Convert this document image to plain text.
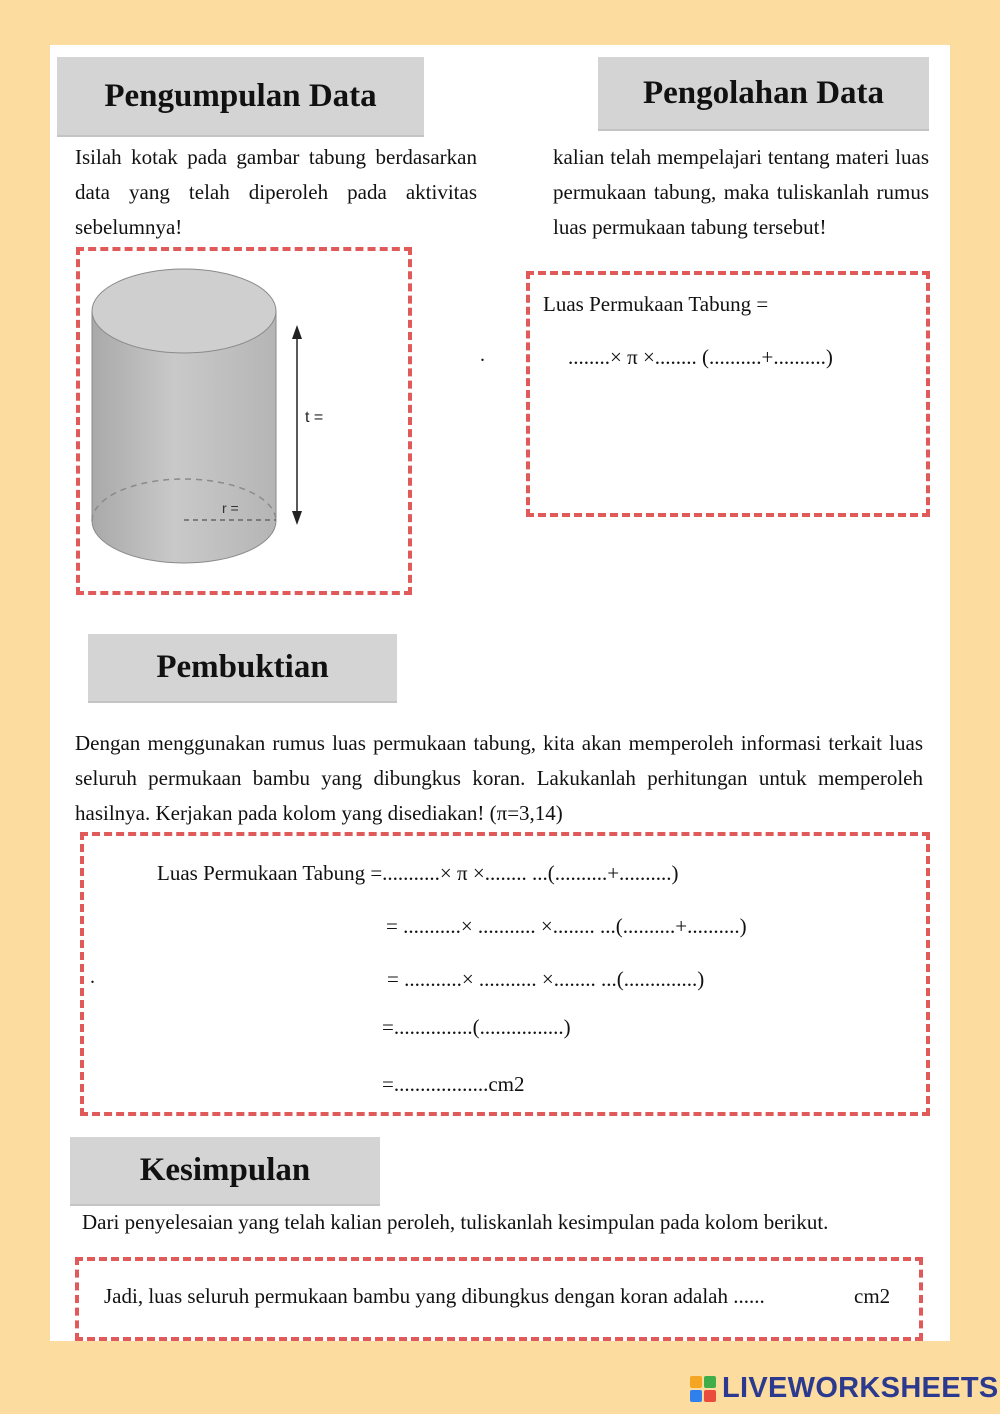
Pengumpulan Data
Isilah kotak pada gambar tabung berdasarkan data yang telah diperoleh pada aktivitas sebelumnya!
t =
r =
Pengolahan Data
kalian telah mempelajari tentang materi luas permukaan tabung, maka tuliskanlah rumus luas permukaan tabung tersebut!
.
Luas Permukaan Tabung =
........× π ×........ (..........+..........)
Pembuktian
Dengan menggunakan rumus luas permukaan tabung, kita akan memperoleh informasi terkait luas seluruh permukaan bambu yang dibungkus koran. Lakukanlah perhitungan untuk memperoleh hasilnya. Kerjakan pada kolom yang disediakan! (π=3,14)
Luas Permukaan Tabung =...........× π ×........ ...(..........+..........)
= ...........× ........... ×........ ...(..........+..........)
= ...........× ........... ×........ ...(..............)
=...............(................)
=..................cm2
.
Kesimpulan
Dari penyelesaian yang telah kalian peroleh, tuliskanlah kesimpulan pada kolom berikut.
Jadi, luas seluruh permukaan bambu yang dibungkus dengan koran adalah ......	cm2
LIVEWORKSHEETS
